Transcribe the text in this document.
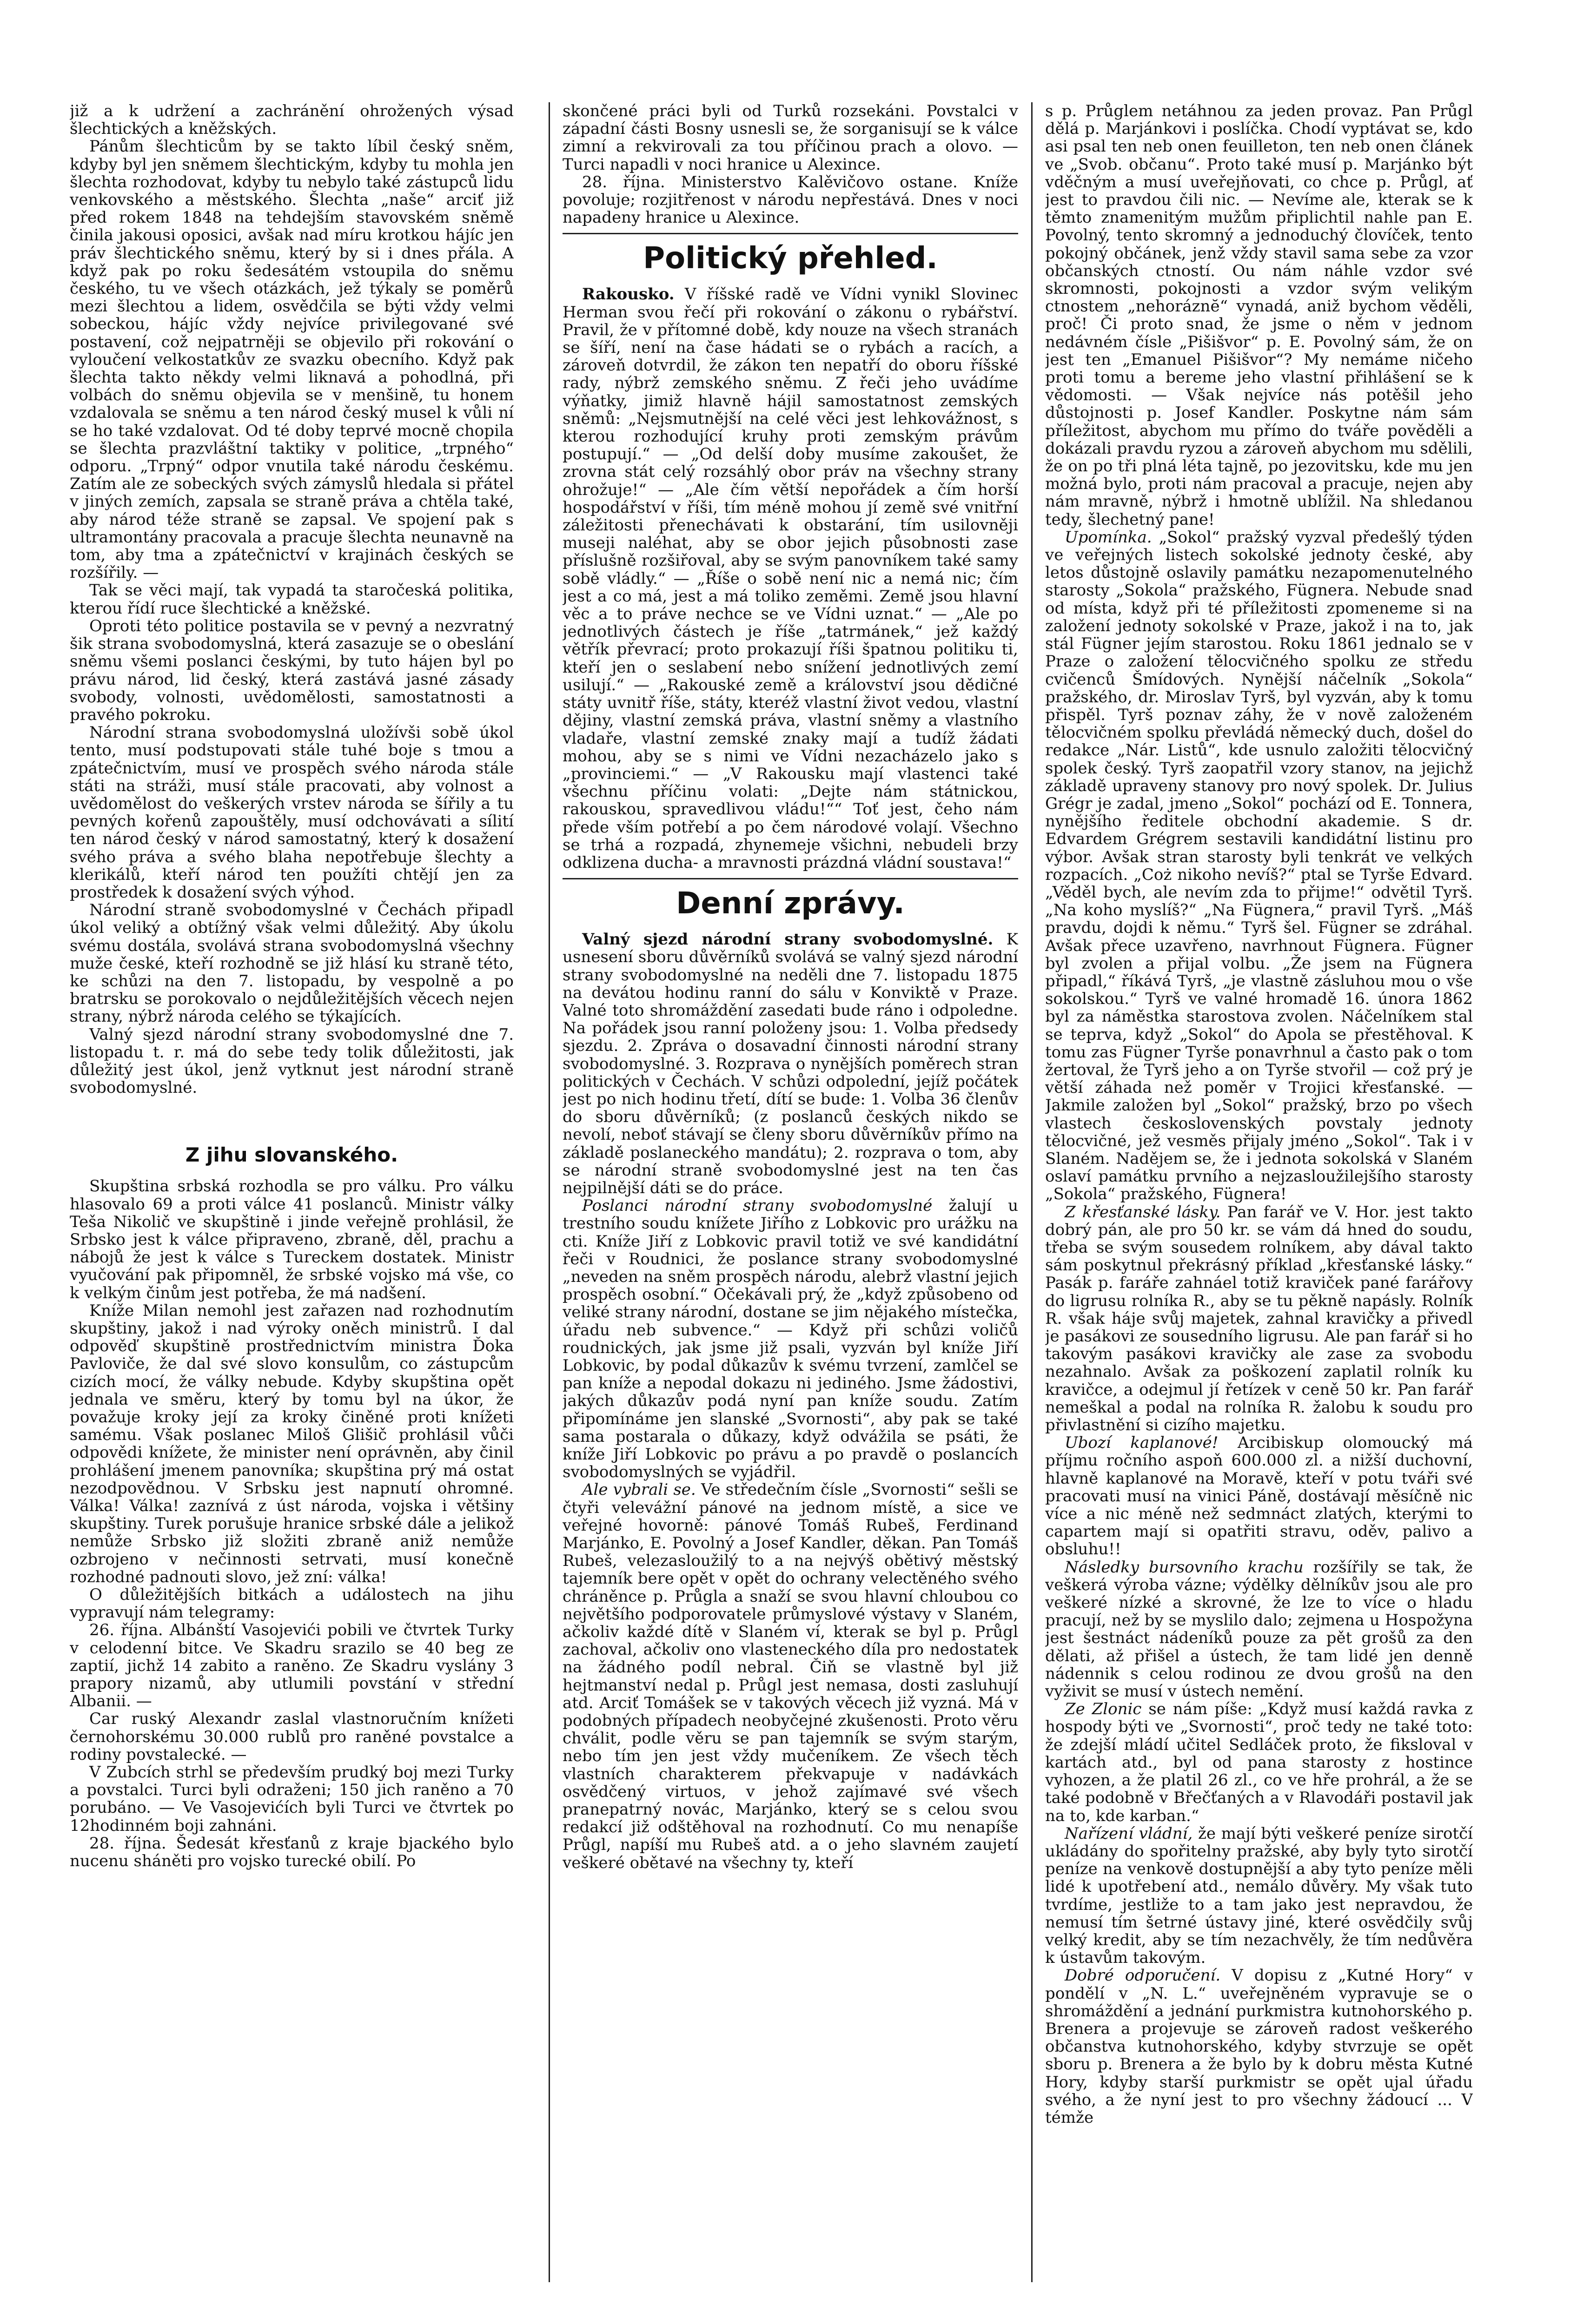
již a k udržení a zachránění ohrožených výsad šlechtických a kněžských.

Pánům šlechticům by se takto líbil český sněm, kdyby byl jen sněmem šlechtickým, kdyby tu mohla jen šlechta rozhodovat, kdyby tu nebylo také zástupců lidu venkovského a městského. Šlechta „naše“ arciť již před rokem 1848 na tehdejším stavovském sněmě činila jakousi oposici, avšak nad míru krotkou hájíc jen práv šlechtického sněmu, který by si i dnes přála. A když pak po roku šedesátém vstoupila do sněmu českého, tu ve všech otázkách, jež týkaly se poměrů mezi šlechtou a lidem, osvědčila se býti vždy velmi sobeckou, hájíc vždy nejvíce privilegované své postavení, což nejpatrněji se objevilo při rokování o vyloučení velkostatkův ze svazku obecního. Když pak šlechta takto někdy velmi liknavá a pohodlná, při volbách do sněmu objevila se v menšině, tu honem vzdalovala se sněmu a ten národ český musel k vůli ní se ho také vzdalovat. Od té doby teprvé mocně chopila se šlechta prazvláštní taktiky v politice, „trpného“ odporu. „Trpný“ odpor vnutila také národu českému. Zatím ale ze sobeckých svých zámyslů hledala si přátel v jiných zemích, zapsala se straně práva a chtěla také, aby národ téže straně se zapsal. Ve spojení pak s ultramontány pracovala a pracuje šlechta neunavně na tom, aby tma a zpátečnictví v krajinách českých se rozšířily. —

Tak se věci mají, tak vypadá ta staročeská politika, kterou řídí ruce šlechtické a kněžské.

Oproti této politice postavila se v pevný a nezvratný šik strana svobodomyslná, která zasazuje se o obeslání sněmu všemi poslanci českými, by tuto hájen byl po právu národ, lid český, která zastává jasné zásady svobody, volnosti, uvědomělosti, samostatnosti a pravého pokroku.

Národní strana svobodomyslná uložívši sobě úkol tento, musí podstupovati stále tuhé boje s tmou a zpátečnictvím, musí ve prospěch svého národa stále státi na stráži, musí stále pracovati, aby volnost a uvědomělost do veškerých vrstev národa se šířily a tu pevných kořenů zapouštěly, musí odchovávati a sílití ten národ český v národ samostatný, který k dosažení svého práva a svého blaha nepotřebuje šlechty a klerikálů, kteří národ ten použíti chtějí jen za prostředek k dosažení svých výhod.

Národní straně svobodomyslné v Čechách připadl úkol veliký a obtížný však velmi důležitý. Aby úkolu svému dostála, svolává strana svobodomyslná všechny muže české, kteří rozhodně se již hlásí ku straně této, ke schůzi na den 7. listopadu, by vespolně a po bratrsku se porokovalo o nejdůležitějších věcech nejen strany, nýbrž národa celého se týkajících.

Valný sjezd národní strany svobodomyslné dne 7. listopadu t. r. má do sebe tedy tolik důležitosti, jak důležitý jest úkol, jenž vytknut jest národní straně svobodomyslné.

Z jihu slovanského.

Skupština srbská rozhodla se pro válku. Pro válku hlasovalo 69 a proti válce 41 poslanců. Ministr války Teša Nikolič ve skupštině i jinde veřejně prohlásil, že Srbsko jest k válce připraveno, zbraně, děl, prachu a nábojů že jest k válce s Tureckem dostatek. Ministr vyučování pak připomněl, že srbské vojsko má vše, co k velkým činům jest potřeba, že má nadšení.

Kníže Milan nemohl jest zařazen nad rozhodnutím skupštiny, jakož i nad výroky oněch ministrů. I dal odpověď skupštině prostřednictvím ministra Ďoka Pavloviče, že dal své slovo konsulům, co zástupcům cizích mocí, že války nebude. Kdyby skupština opět jednala ve směru, který by tomu byl na úkor, že považuje kroky její za kroky činěné proti knížeti samému. Však poslanec Miloš Glišič prohlásil vůči odpovědi knížete, že minister není oprávněn, aby činil prohlášení jmenem panovníka; skupština prý má ostat nezodpovědnou. V Srbsku jest napnutí ohromné. Válka! Válka! zaznívá z úst národa, vojska i většiny skupštiny. Turek porušuje hranice srbské dále a jelikož nemůže Srbsko již složiti zbraně aniž nemůže ozbrojeno v nečinnosti setrvati, musí konečně rozhodné padnouti slovo, jež zní: válka!

O důležitějších bitkách a událostech na jihu vypravují nám telegramy:

26. října. Albánští Vasojevići pobili ve čtvrtek Turky v celodenní bitce. Ve Skadru srazilo se 40 beg ze zaptií, jichž 14 zabito a raněno. Ze Skadru vyslány 3 prapory nizamů, aby utlumili povstání v střední Albanii. —

Car ruský Alexandr zaslal vlastnoručním knížeti černohorskému 30.000 rublů pro raněné povstalce a rodiny povstalecké. —

V Zubcích strhl se především prudký boj mezi Turky a povstalci. Turci byli odraženi; 150 jich raněno a 70 porubáno. — Ve Vasojevićích byli Turci ve čtvrtek po 12hodinném boji zahnáni.

28. října. Šedesát křesťanů z kraje bjackého bylo nucenu sháněti pro vojsko turecké obilí. Po

skončené práci byli od Turků rozsekáni. Povstalci v západní části Bosny usnesli se, že sorganisují se k válce zimní a rekvirovali za tou příčinou prach a olovo. — Turci napadli v noci hranice u Alexince.

28. října. Ministerstvo Kalěvičovo ostane. Kníže povoluje; rozjitřenost v národu nepřestává. Dnes v noci napadeny hranice u Alexince.

Politický přehled.

Rakousko. V říšské radě ve Vídni vynikl Slovinec Herman svou řečí při rokování o zákonu o rybářství. Pravil, že v přítomné době, kdy nouze na všech stranách se šíří, není na čase hádati se o rybách a racích, a zároveň dotvrdil, že zákon ten nepatří do oboru říšské rady, nýbrž zemského sněmu. Z řeči jeho uvádíme výňatky, jimiž hlavně hájil samostatnost zemských sněmů: „Nejsmutnější na celé věci jest lehkovážnost, s kterou rozhodující kruhy proti zemským právům postupují.“ — „Od delší doby musíme zakoušet, že zrovna stát celý rozsáhlý obor práv na všechny strany ohrožuje!“ — „Ale čím větší nepořádek a čím horší hospodářství v říši, tím méně mohou jí země své vnitřní záležitosti přenechávati k obstarání, tím usilovněji museji naléhat, aby se obor jejich působnosti zase příslušně rozšiřoval, aby se svým panovníkem také samy sobě vládly.“ — „Říše o sobě není nic a nemá nic; čím jest a co má, jest a má toliko zeměmi. Země jsou hlavní věc a to práve nechce se ve Vídni uznat.“ — „Ale po jednotlivých částech je říše „tatrmánek,“ jež každý větřík převrací; proto prokazují říši špatnou politiku ti, kteří jen o seslabení nebo snížení jednotlivých zemí usilují.“ — „Rakouské země a království jsou dědičné státy uvnitř říše, státy, kteréž vlastní život vedou, vlastní dějiny, vlastní zemská práva, vlastní sněmy a vlastního vladaře, vlastní zemské znaky mají a tudíž žádati mohou, aby se s nimi ve Vídni nezacházelo jako s „provinciemi.“ — „V Rakousku mají vlastenci také všechnu příčinu volati: „Dejte nám státnickou, rakouskou, spravedlivou vládu!““ Toť jest, čeho nám přede vším potřebí a po čem národové volají. Všechno se trhá a rozpadá, zhynemeje všichni, nebudeli brzy odklizena ducha- a mravnosti prázdná vládní soustava!“

Denní zprávy.

Valný sjezd národní strany svobodomyslné. K usnesení sboru důvěrníků svolává se valný sjezd národní strany svobodomyslné na neděli dne 7. listopadu 1875 na devátou hodinu ranní do sálu v Konviktě v Praze. Valné toto shromáždění zasedati bude ráno i odpoledne. Na pořádek jsou ranní položeny jsou: 1. Volba předsedy sjezdu. 2. Zpráva o dosavadní činnosti národní strany svobodomyslné. 3. Rozprava o nynějších poměrech stran politických v Čechách. V schůzi odpolední, jejíž počátek jest po nich hodinu třetí, dítí se bude: 1. Volba 36 členův do sboru důvěrníků; (z poslanců českých nikdo se nevolí, neboť stávají se členy sboru důvěrníkův přímo na základě poslaneckého mandátu); 2. rozprava o tom, aby se národní straně svobodomyslné jest na ten čas nejpilnější dáti se do práce.

Poslanci národní strany svobodomyslné žalují u trestního soudu knížete Jiřího z Lobkovic pro urážku na cti. Kníže Jiří z Lobkovic pravil totiž ve své kandidátní řeči v Roudnici, že poslance strany svobodomyslné „neveden na sněm prospěch národu, alebrž vlastní jejich prospěch osobní.“ Očekávali prý, že „když způsobeno od veliké strany národní, dostane se jim nějakého místečka, úřadu neb subvence.“ — Když při schůzi voličů roudnických, jak jsme již psali, vyzván byl kníže Jiří Lobkovic, by podal důkazův k svému tvrzení, zamlčel se pan kníže a nepodal dokazu ni jediného. Jsme žádostivi, jakých důkazův podá nyní pan kníže soudu. Zatím připomínáme jen slanské „Svornosti“, aby pak se také sama postarala o důkazy, když odvážila se psáti, že kníže Jiří Lobkovic po právu a po pravdě o poslancích svobodomyslných se vyjádřil.

Ale vybrali se. Ve středečním čísle „Svornosti“ sešli se čtyři velevážní pánové na jednom místě, a sice ve veřejné hovorně: pánové Tomáš Rubeš, Ferdinand Marjánko, E. Povolný a Josef Kandler, děkan. Pan Tomáš Rubeš, velezasloužilý to a na nejvýš obětivý městský tajemník bere opět v opět do ochrany velectěného svého chráněnce p. Průgla a snaží se svou hlavní chloubou co největšího podporovatele průmyslové výstavy v Slaném, ačkoliv každé dítě v Slaném ví, kterak se byl p. Průgl zachoval, ačkoliv ono vlasteneckého díla pro nedostatek na žádného podíl nebral. Čiň se vlastně byl již hejtmanství nedal p. Průgl jest nemasa, dosti zasluhují atd. Arciť Tomášek se v takových věcech již vyzná. Má v podobných případech neobyčejné zkušenosti. Proto věru chválit, podle věru se pan tajemník se svým starým, nebo tím jen jest vždy mučeníkem. Ze všech těch vlastních charakterem překvapuje v nadávkách osvědčený virtuos, v jehož zajímavé své všech pranepatrný novác, Marjánko, který se s celou svou redakcí již odštěhoval na rozhodnutí. Co mu nenapíše Průgl, napíší mu Rubeš atd. a o jeho slavném zaujetí veškeré obětavé na všechny ty, kteří

s p. Průglem netáhnou za jeden provaz. Pan Průgl dělá p. Marjánkovi i poslíčka. Chodí vyptávat se, kdo asi psal ten neb onen feuilleton, ten neb onen článek ve „Svob. občanu“. Proto také musí p. Marjánko být vděčným a musí uveřejňovati, co chce p. Průgl, ať jest to pravdou čili nic. — Nevíme ale, kterak se k těmto znamenitým mužům připlichtil nahle pan E. Povolný, tento skromný a jednoduchý človíček, tento pokojný občánek, jenž vždy stavil sama sebe za vzor občanských ctností. Ou nám náhle vzdor své skromnosti, pokojnosti a vzdor svým velikým ctnostem „nehoráznĕ“ vynadá, aniž bychom věděli, proč! Či proto snad, že jsme o něm v jednom nedávném čísle „Pišišvor“ p. E. Povolný sám, že on jest ten „Emanuel Pišišvor“? My nemáme ničeho proti tomu a bereme jeho vlastní přihlášení se k vědomosti. — Však nejvíce nás potěšil jeho důstojnosti p. Josef Kandler. Poskytne nám sám příležitost, abychom mu přímo do tváře pověděli a dokázali pravdu ryzou a zároveň abychom mu sdělili, že on po tři plná léta tajně, po jezovitsku, kde mu jen možná bylo, proti nám pracoval a pracuje, nejen aby nám mravně, nýbrž i hmotně ublížil. Na shledanou tedy, šlechetný pane!

Upomínka. „Sokol“ pražský vyzval předešlý týden ve veřejných listech sokolské jednoty české, aby letos důstojně oslavily památku nezapomenutelného starosty „Sokola“ pražského, Fügnera. Nebude snad od místa, když při té příležitosti zpomeneme si na založení jednoty sokolské v Praze, jakož i na to, jak stál Fügner jejím starostou. Roku 1861 jednalo se v Praze o založení tělocvičného spolku ze středu cvičenců Šmídových. Nynější náčelník „Sokola“ pražského, dr. Miroslav Tyrš, byl vyzván, aby k tomu přispěl. Tyrš poznav záhy, že v nově založeném tělocvičném spolku převládá německý duch, došel do redakce „Nár. Listů“, kde usnulo založiti tělocvičný spolek český. Tyrš zaopatřil vzory stanov, na jejichž základě upraveny stanovy pro nový spolek. Dr. Julius Grégr je zadal, jmeno „Sokol“ pochází od E. Tonnera, nynějšího ředitele obchodní akademie. S dr. Edvardem Grégrem sestavili kandidátní listinu pro výbor. Avšak stran starosty byli tenkrát ve velkých rozpacích. „Coż nikoho nevíš?“ ptal se Tyrše Edvard. „Věděl bych, ale nevím zda to přijme!“ odvětil Tyrš. „Na koho myslíš?“ „Na Fügnera,“ pravil Tyrš. „Máš pravdu, dojdi k němu.“ Tyrš šel. Fügner se zdráhal. Avšak přece uzavřeno, navrhnout Fügnera. Fügner byl zvolen a přijal volbu. „Že jsem na Fügnera připadl,“ říkává Tyrš, „je vlastně zásluhou mou o vše sokolskou.“ Tyrš ve valné hromadě 16. února 1862 byl za náměstka starostova zvolen. Náčelníkem stal se teprva, když „Sokol“ do Apola se přestěhoval. K tomu zas Fügner Tyrše ponavrhnul a často pak o tom žertoval, že Tyrš jeho a on Tyrše stvořil — což prý je větší záhada než poměr v Trojici křesťanské. — Jakmile založen byl „Sokol“ pražský, brzo po všech vlastech československých povstaly jednoty tělocvičné, jež vesměs přijaly jméno „Sokol“. Tak i v Slaném. Nadějem se, že i jednota sokolská v Slaném oslaví památku prvního a nejzasloužilejšího starosty „Sokola“ pražského, Fügnera!

Z křesťanské lásky. Pan farář ve V. Hor. jest takto dobrý pán, ale pro 50 kr. se vám dá hned do soudu, třeba se svým sousedem rolníkem, aby dával takto sám poskytnul překrásný příklad „křesťanské lásky.“ Pasák p. faráře zahnáel totiž kraviček pané farářovy do ligrusu rolníka R., aby se tu pěkně napásly. Rolník R. však háje svůj majetek, zahnal kravičky a přivedl je pasákovi ze sousedního ligrusu. Ale pan farář si ho takovým pasákovi kravičky ale zase za svobodu nezahnalo. Avšak za poškození zaplatil rolník ku kravičce, a odejmul jí řetízek v ceně 50 kr. Pan farář nemeškal a podal na rolníka R. žalobu k soudu pro přivlastnění si cizího majetku.

Ubozí kaplanové! Arcibiskup olomoucký má příjmu ročního aspoň 600.000 zl. a nižší duchovní, hlavně kaplanové na Moravě, kteří v potu tváři své pracovati musí na vinici Páně, dostávají měsíčně nic více a nic méně než sedmnáct zlatých, kterými to capartem mají si opatřiti stravu, oděv, palivo a obsluhu!!

Následky bursovního krachu rozšířily se tak, že veškerá výroba vázne; výdělky dělníkův jsou ale pro veškeré nízké a skrovné, že lze to více o hladu pracují, než by se myslilo dalo; zejmena u Hospožyna jest šestnáct nádeníků pouze za pět grošů za den dělati, až přišel a ústech, že tam lidé jen denně nádennik s celou rodinou ze dvou grošů na den vyživit se musí v ústech nemění.

Ze Zlonic se nám píše: „Když musí každá ravka z hospody býti ve „Svornosti“, proč tedy ne také toto: že zdejší mládí učitel Sedláček proto, že fiksloval v kartách atd., byl od pana starosty z hostince vyhozen, a že platil 26 zl., co ve hře prohrál, a že se také podobně v Břečťaných a v Rlavodáři postavil jak na to, kde karban.“

Nařízení vládní, že mají býti veškeré peníze sirotčí ukládány do spořitelny pražské, aby byly tyto sirotčí peníze na venkově dostupnější a aby tyto peníze měli lidé k upotřebení atd., nemálo důvěry. My však tuto tvrdíme, jestliže to a tam jako jest nepravdou, že nemusí tím šetrné ústavy jiné, které osvědčily svůj velký kredit, aby se tím nezachvěly, že tím nedůvěra k ústavům takovým.

Dobré odporučení. V dopisu z „Kutné Hory“ v pondělí v „N. L.“ uveřejněném vypravuje se o shromáždění a jednání purkmistra kutnohorského p. Brenera a projevuje se zároveň radost veškerého občanstva kutnohorského, kdyby stvrzuje se opět sboru p. Brenera a že bylo by k dobru města Kutné Hory, kdyby starší purkmistr se opět ujal úřadu svého, a že nyní jest to pro všechny žádoucí ... V témže
